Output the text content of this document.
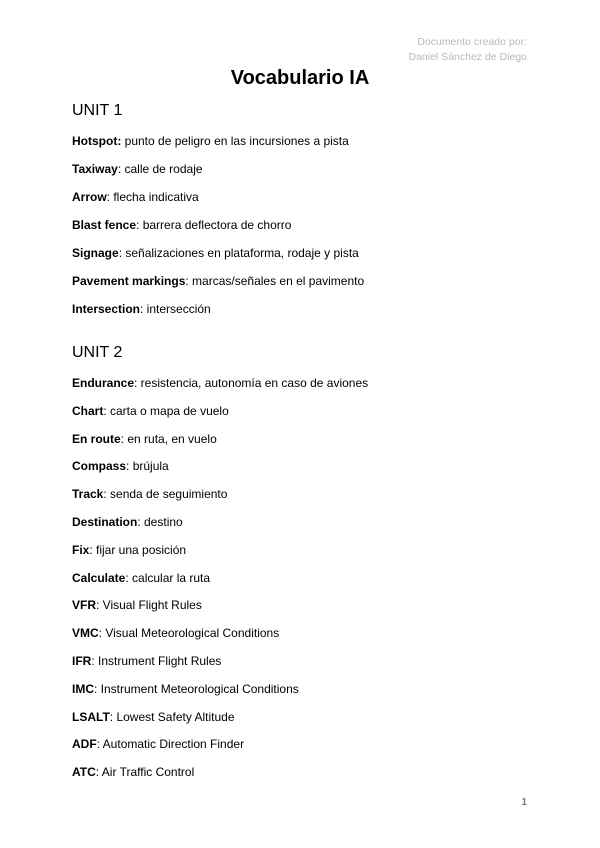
Documento creado por:
Daniel Sánchez de Diego
Vocabulario IA
UNIT 1
Hotspot: punto de peligro en las incursiones a pista
Taxiway: calle de rodaje
Arrow: flecha indicativa
Blast fence: barrera deflectora de chorro
Signage: señalizaciones en plataforma, rodaje y pista
Pavement markings: marcas/señales en el pavimento
Intersection: intersección
UNIT 2
Endurance: resistencia, autonomía en caso de aviones
Chart: carta o mapa de vuelo
En route: en ruta, en vuelo
Compass: brújula
Track: senda de seguimiento
Destination: destino
Fix: fijar una posición
Calculate: calcular la ruta
VFR: Visual Flight Rules
VMC: Visual Meteorological Conditions
IFR: Instrument Flight Rules
IMC: Instrument Meteorological Conditions
LSALT: Lowest Safety Altitude
ADF: Automatic Direction Finder
ATC: Air Traffic Control
1
